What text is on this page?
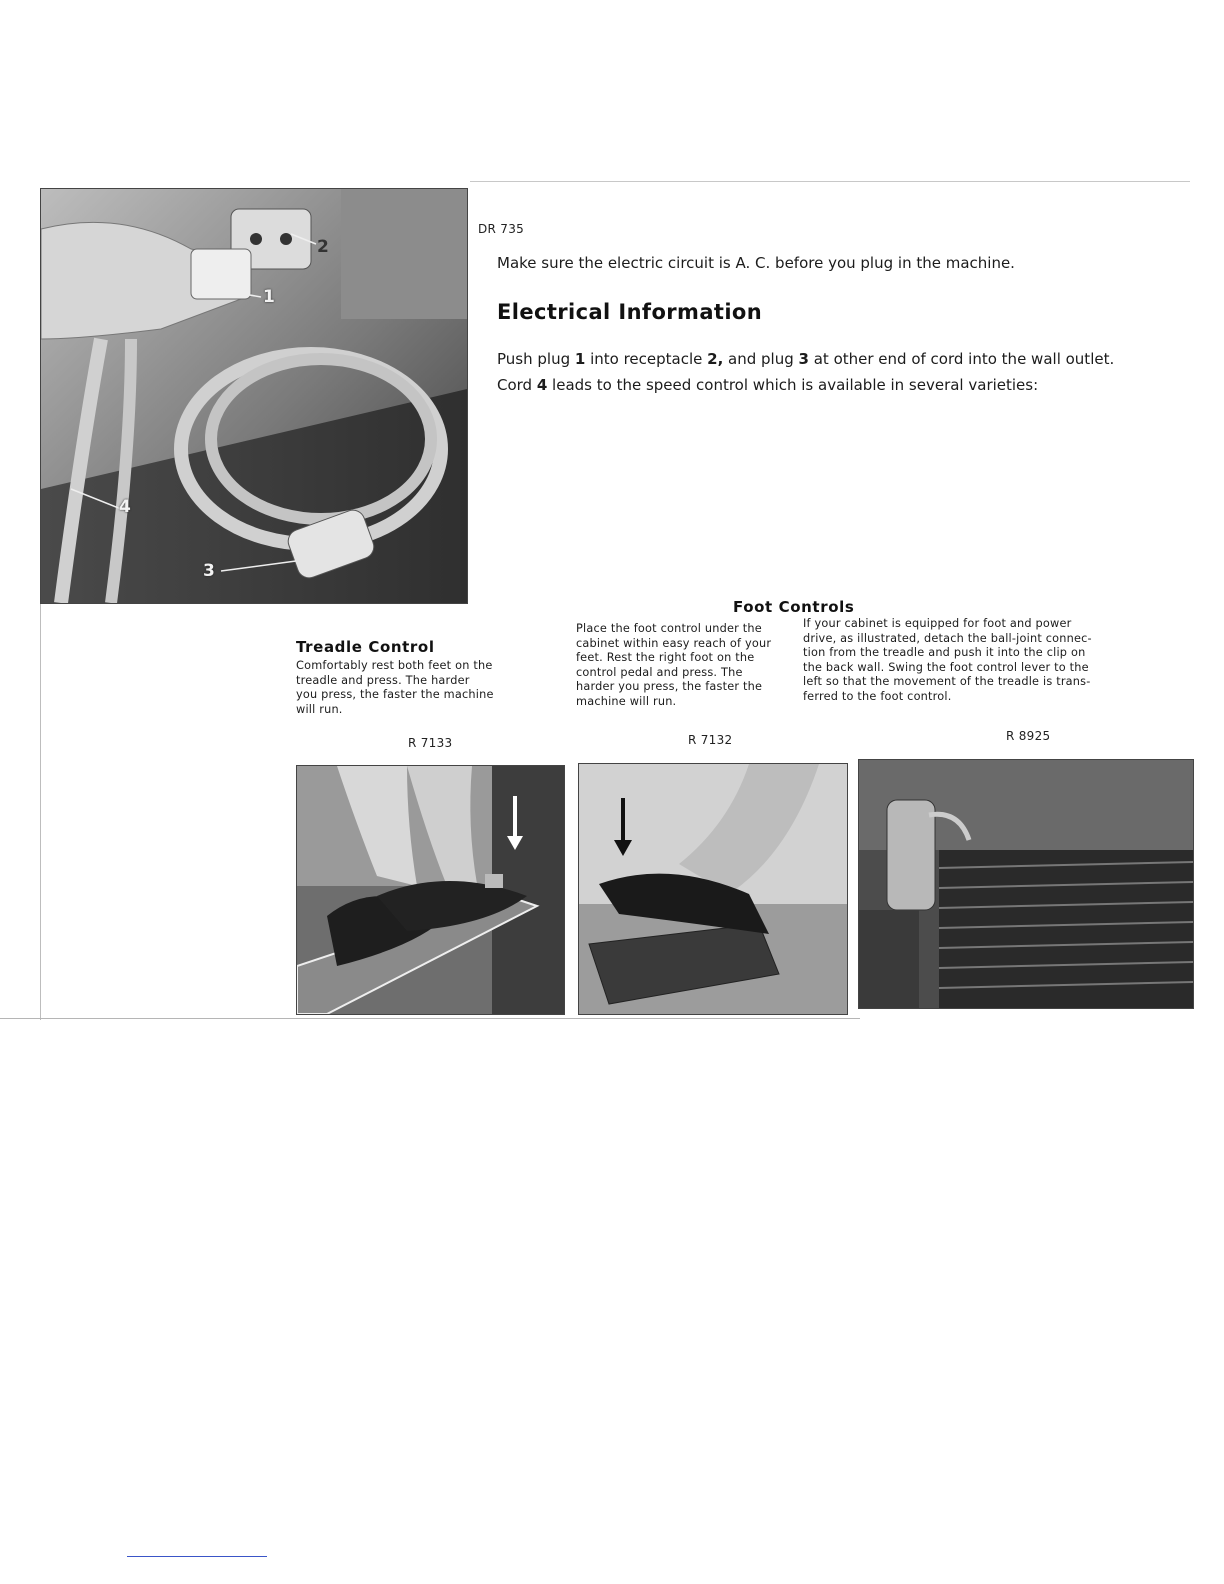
1
2
3
4
DR 735
Make sure the electric circuit is A. C. before you plug in the machine.
Electrical Information
Push plug 1 into receptacle 2, and plug 3 at other end of cord into the wall outlet.
Cord 4 leads to the speed control which is available in several varieties:
Foot Controls
Treadle Control
Comfortably rest both feet on the
treadle and press. The harder
you press, the faster the machine
will run.
Place the foot control under the
cabinet within easy reach of your
feet. Rest the right foot on the
control pedal and press. The
harder you press, the faster the
machine will run.
If your cabinet is equipped for foot and power
drive, as illustrated, detach the ball-joint connec-
tion from the treadle and push it into the clip on
the back wall. Swing the foot control lever to the
left so that the movement of the treadle is trans-
ferred to the foot control.
R 7133	R 7132	R 8925
